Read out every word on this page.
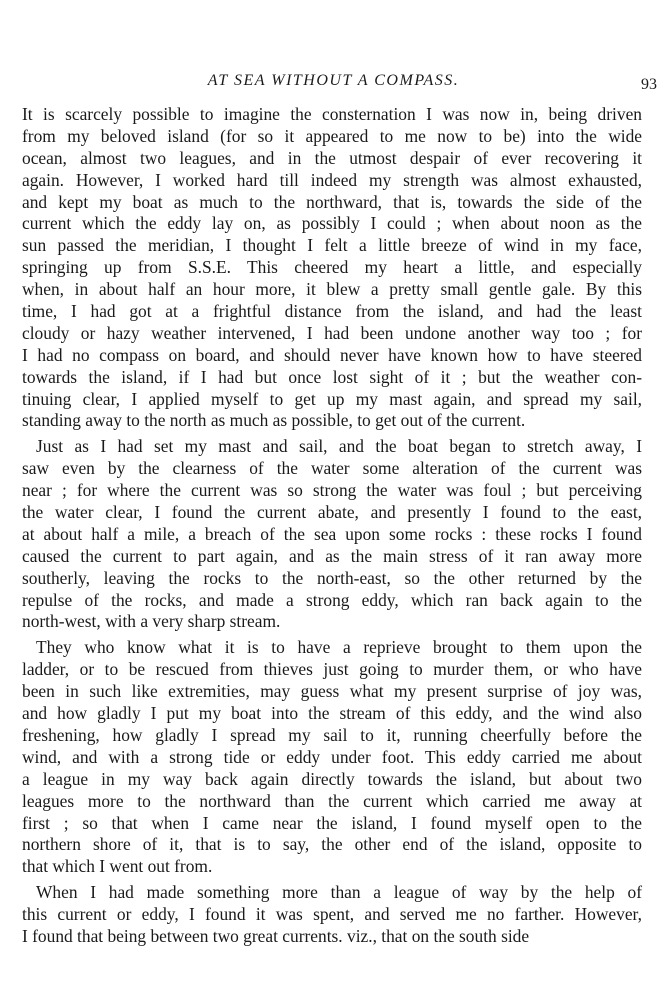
AT SEA WITHOUT A COMPASS.	93
It is scarcely possible to imagine the consternation I was now in, being driven
from my beloved island (for so it appeared to me now to be) into the wide
ocean, almost two leagues, and in the utmost despair of ever recovering it
again. However, I worked hard till indeed my strength was almost exhausted,
and kept my boat as much to the northward, that is, towards the side of the
current which the eddy lay on, as possibly I could ; when about noon as the
sun passed the meridian, I thought I felt a little breeze of wind in my face,
springing up from S.S.E. This cheered my heart a little, and especially
when, in about half an hour more, it blew a pretty small gentle gale. By this
time, I had got at a frightful distance from the island, and had the least
cloudy or hazy weather intervened, I had been undone another way too ; for
I had no compass on board, and should never have known how to have steered
towards the island, if I had but once lost sight of it ; but the weather con-
tinuing clear, I applied myself to get up my mast again, and spread my sail,
standing away to the north as much as possible, to get out of the current.
Just as I had set my mast and sail, and the boat began to stretch away, I
saw even by the clearness of the water some alteration of the current was
near ; for where the current was so strong the water was foul ; but perceiving
the water clear, I found the current abate, and presently I found to the east,
at about half a mile, a breach of the sea upon some rocks : these rocks I found
caused the current to part again, and as the main stress of it ran away more
southerly, leaving the rocks to the north-east, so the other returned by the
repulse of the rocks, and made a strong eddy, which ran back again to the
north-west, with a very sharp stream.
They who know what it is to have a reprieve brought to them upon the
ladder, or to be rescued from thieves just going to murder them, or who have
been in such like extremities, may guess what my present surprise of joy was,
and how gladly I put my boat into the stream of this eddy, and the wind also
freshening, how gladly I spread my sail to it, running cheerfully before the
wind, and with a strong tide or eddy under foot. This eddy carried me about
a league in my way back again directly towards the island, but about two
leagues more to the northward than the current which carried me away at
first ; so that when I came near the island, I found myself open to the
northern shore of it, that is to say, the other end of the island, opposite to
that which I went out from.
When I had made something more than a league of way by the help of
this current or eddy, I found it was spent, and served me no farther. However,
I found that being between two great currents. viz., that on the south side
